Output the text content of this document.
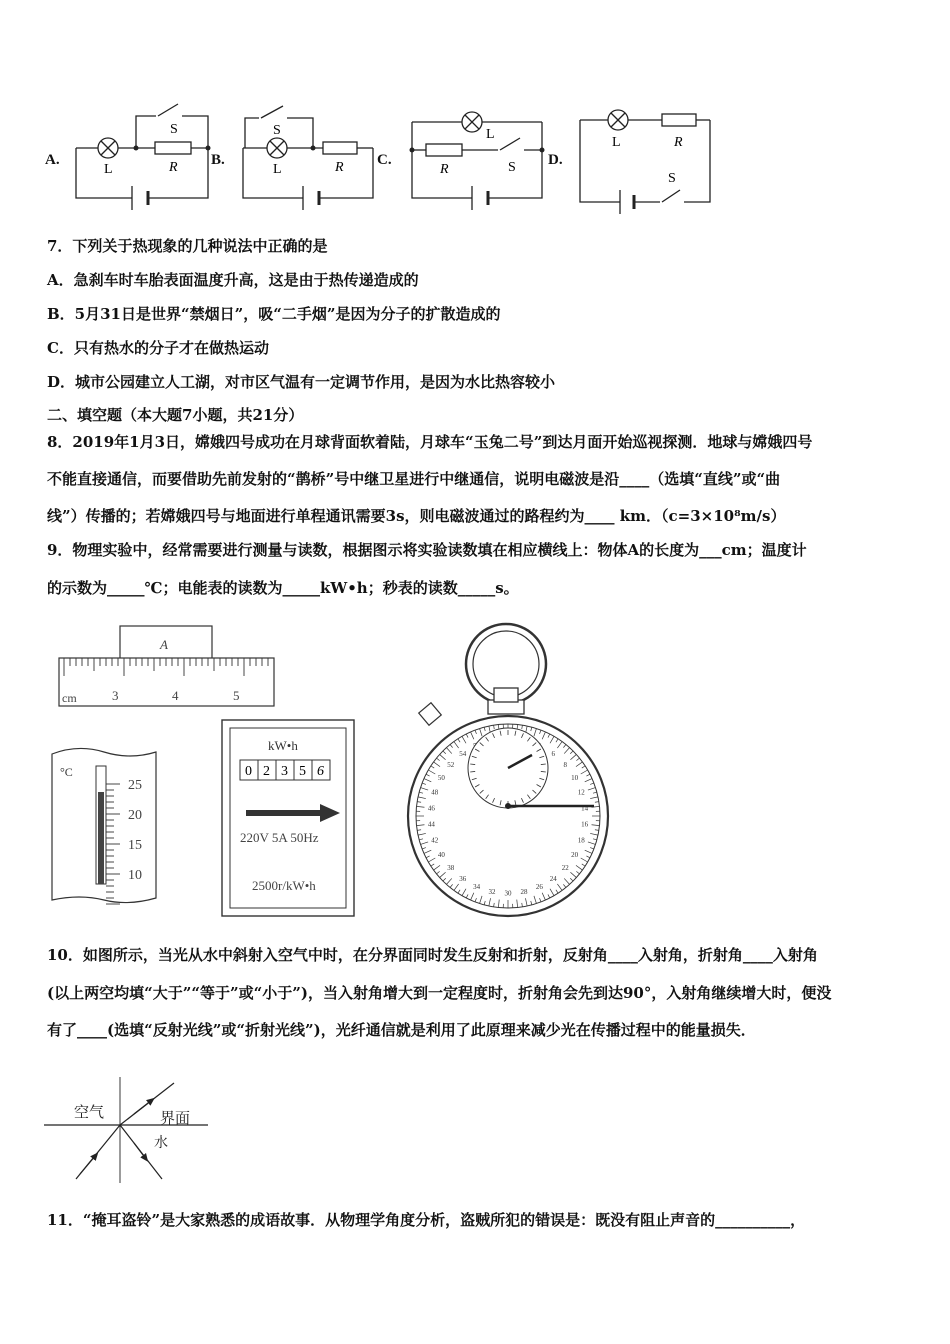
A.	B.	C.	D.
L	R
S
L	R
S	L
R	S
L	R
S
7．下列关于热现象的几种说法中正确的是
A．急刹车时车胎表面温度升高，这是由于热传递造成的
B．5月31日是世界“禁烟日”，吸“二手烟”是因为分子的扩散造成的
C．只有热水的分子才在做热运动
D．城市公园建立人工湖，对市区气温有一定调节作用，是因为水比热容较小
二、填空题（本大题7小题，共21分）
8．2019年1月3日，嫦娥四号成功在月球背面软着陆，月球车“玉兔二号”到达月面开始巡视探测．地球与嫦娥四号
不能直接通信，而要借助先前发射的“鹊桥”号中继卫星进行中继通信，说明电磁波是沿____（选填“直线”或“曲
线”）传播的；若嫦娥四号与地面进行单程通讯需要3s，则电磁波通过的路程约为____ km．（c=3×10⁸m/s）
9．物理实验中，经常需要进行测量与读数，根据图示将实验读数填在相应横线上：物体A的长度为___cm；温度计
的示数为_____℃；电能表的读数为_____kW•h；秒表的读数_____s。
A
cm	3	4	5
°C
25
20
15
10
kW•h
0 2 3 5 6
220V 5A 50Hz
2500r/kW•h
6
8
10
12
14
16
18
20
22
24
26
28
30
32
34
36
38
40
42
44
46
48
50
52
54
10．如图所示，当光从水中斜射入空气中时，在分界面同时发生反射和折射，反射角____入射角，折射角____入射角
(以上两空均填“大于”“等于”或“小于”)，当入射角增大到一定程度时，折射角会先到达90°，入射角继续增大时，便没
有了____(选填“反射光线”或“折射光线”)，光纤通信就是利用了此原理来减少光在传播过程中的能量损失．
空气	界面
水
11．“掩耳盗铃”是大家熟悉的成语故事．从物理学角度分析，盗贼所犯的错误是：既没有阻止声音的__________，
